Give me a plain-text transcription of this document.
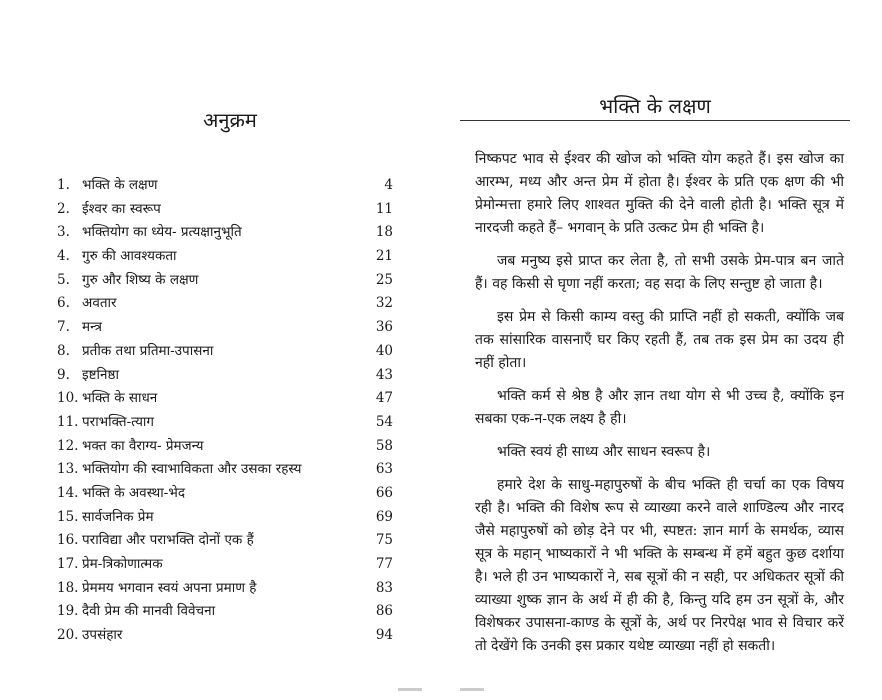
अनुक्रम
1. भक्ति के लक्षण	4
2. ईश्वर का स्वरूप	11
3. भक्तियोग का ध्येय- प्रत्यक्षानुभूति	18
4. गुरु की आवश्यकता	21
5. गुरु और शिष्य के लक्षण	25
6. अवतार	32
7. मन्त्र	36
8. प्रतीक तथा प्रतिमा-उपासना	40
9. इष्टनिष्ठा	43
10. भक्ति के साधन	47
11. पराभक्ति-त्याग	54
12. भक्त का वैराग्य- प्रेमजन्य	58
13. भक्तियोग की स्वाभाविकता और उसका रहस्य	63
14. भक्ति के अवस्था-भेद	66
15. सार्वजनिक प्रेम	69
16. पराविद्या और पराभक्ति दोनों एक हैं	75
17. प्रेम-त्रिकोणात्मक	77
18. प्रेममय भगवान स्वयं अपना प्रमाण है	83
19. दैवी प्रेम की मानवी विवेचना	86
20. उपसंहार	94
भक्ति के लक्षण

निष्कपट भाव से ईश्वर की खोज को भक्ति योग कहते हैं। इस खोज का आरम्भ, मध्य और अन्त प्रेम में होता है। ईश्वर के प्रति एक क्षण की भी प्रेमोन्मत्ता हमारे लिए शाश्वत मुक्ति की देने वाली होती है। भक्ति सूत्र में नारदजी कहते हैं– भगवान् के प्रति उत्कट प्रेम ही भक्ति है।

जब मनुष्य इसे प्राप्त कर लेता है, तो सभी उसके प्रेम-पात्र बन जाते हैं। वह किसी से घृणा नहीं करता; वह सदा के लिए सन्तुष्ट हो जाता है।

इस प्रेम से किसी काम्य वस्तु की प्राप्ति नहीं हो सकती, क्योंकि जब तक सांसारिक वासनाएँ घर किए रहती हैं, तब तक इस प्रेम का उदय ही नहीं होता।

भक्ति कर्म से श्रेष्ठ है और ज्ञान तथा योग से भी उच्च है, क्योंकि इन सबका एक-न-एक लक्ष्य है ही।

भक्ति स्वयं ही साध्य और साधन स्वरूप है।

हमारे देश के साधु-महापुरुषों के बीच भक्ति ही चर्चा का एक विषय रही है। भक्ति की विशेष रूप से व्याख्या करने वाले शाण्डिल्य और नारद जैसे महापुरुषों को छोड़ देने पर भी, स्पष्टत: ज्ञान मार्ग के समर्थक, व्यास सूत्र के महान् भाष्यकारों ने भी भक्ति के सम्बन्ध में हमें बहुत कुछ दर्शाया है। भले ही उन भाष्यकारों ने, सब सूत्रों की न सही, पर अधिकतर सूत्रों की व्याख्या शुष्क ज्ञान के अर्थ में ही की है, किन्तु यदि हम उन सूत्रों के, और विशेषकर उपासना-काण्ड के सूत्रों के, अर्थ पर निरपेक्ष भाव से विचार करें तो देखेंगे कि उनकी इस प्रकार यथेष्ट व्याख्या नहीं हो सकती।
